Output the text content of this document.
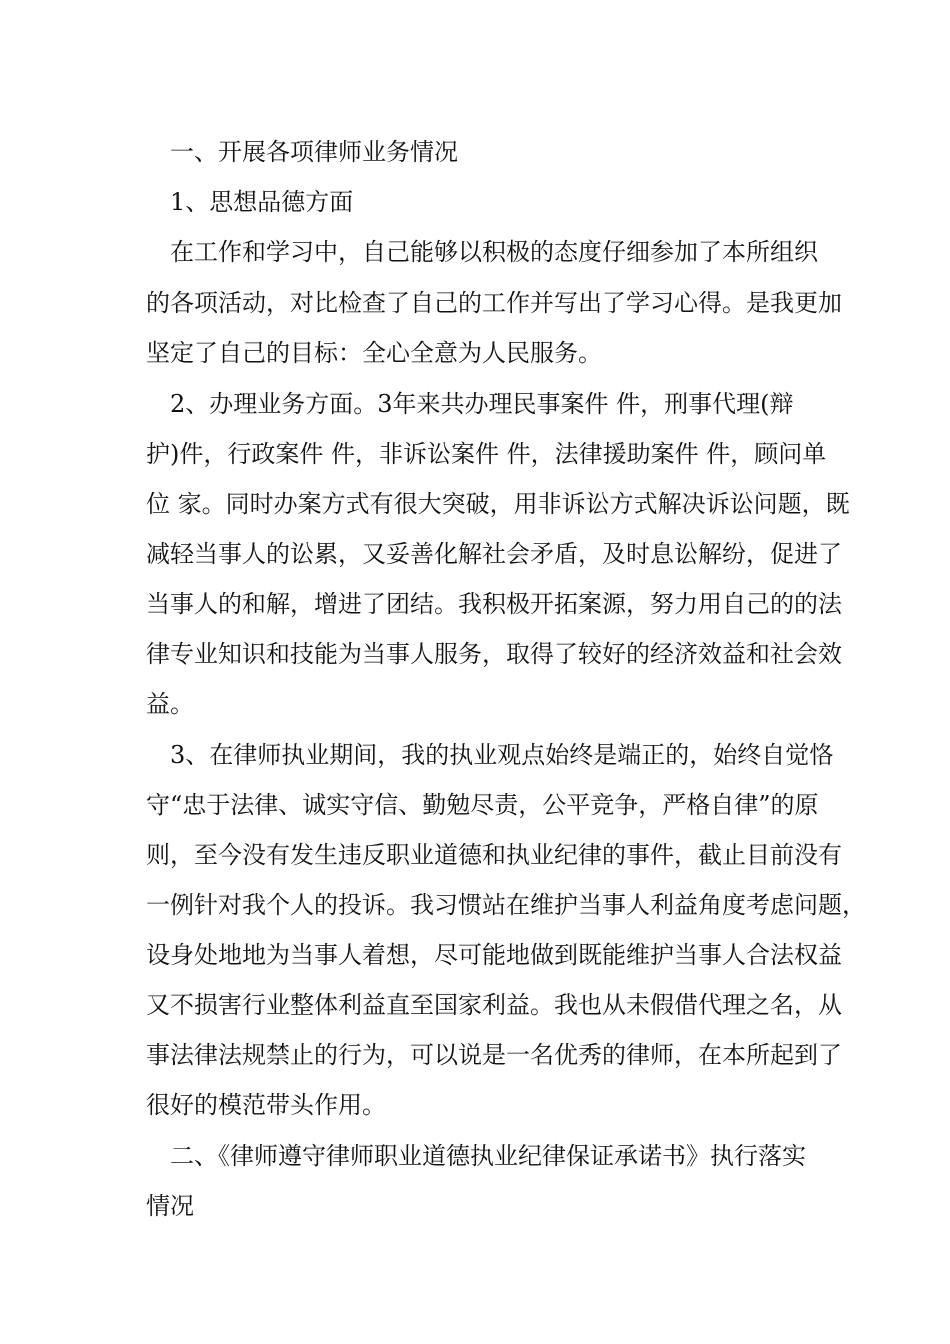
　一、开展各项律师业务情况
　1、思想品德方面
　在工作和学习中，自己能够以积极的态度仔细参加了本所组织
的各项活动，对比检查了自己的工作并写出了学习心得。是我更加
坚定了自己的目标：全心全意为人民服务。
　2、办理业务方面。3年来共办理民事案件 件，刑事代理(辩
护)件，行政案件 件，非诉讼案件 件，法律援助案件 件，顾问单
位 家。同时办案方式有很大突破，用非诉讼方式解决诉讼问题，既
减轻当事人的讼累，又妥善化解社会矛盾，及时息讼解纷，促进了
当事人的和解，增进了团结。我积极开拓案源，努力用自己的的法
律专业知识和技能为当事人服务，取得了较好的经济效益和社会效
益。
　3、在律师执业期间，我的执业观点始终是端正的，始终自觉恪
守“忠于法律、诚实守信、勤勉尽责，公平竞争，严格自律”的原
则，至今没有发生违反职业道德和执业纪律的事件，截止目前没有
一例针对我个人的投诉。我习惯站在维护当事人利益角度考虑问题，
设身处地地为当事人着想，尽可能地做到既能维护当事人合法权益
又不损害行业整体利益直至国家利益。我也从未假借代理之名，从
事法律法规禁止的行为，可以说是一名优秀的律师，在本所起到了
很好的模范带头作用。
　二、《律师遵守律师职业道德执业纪律保证承诺书》执行落实
情况
